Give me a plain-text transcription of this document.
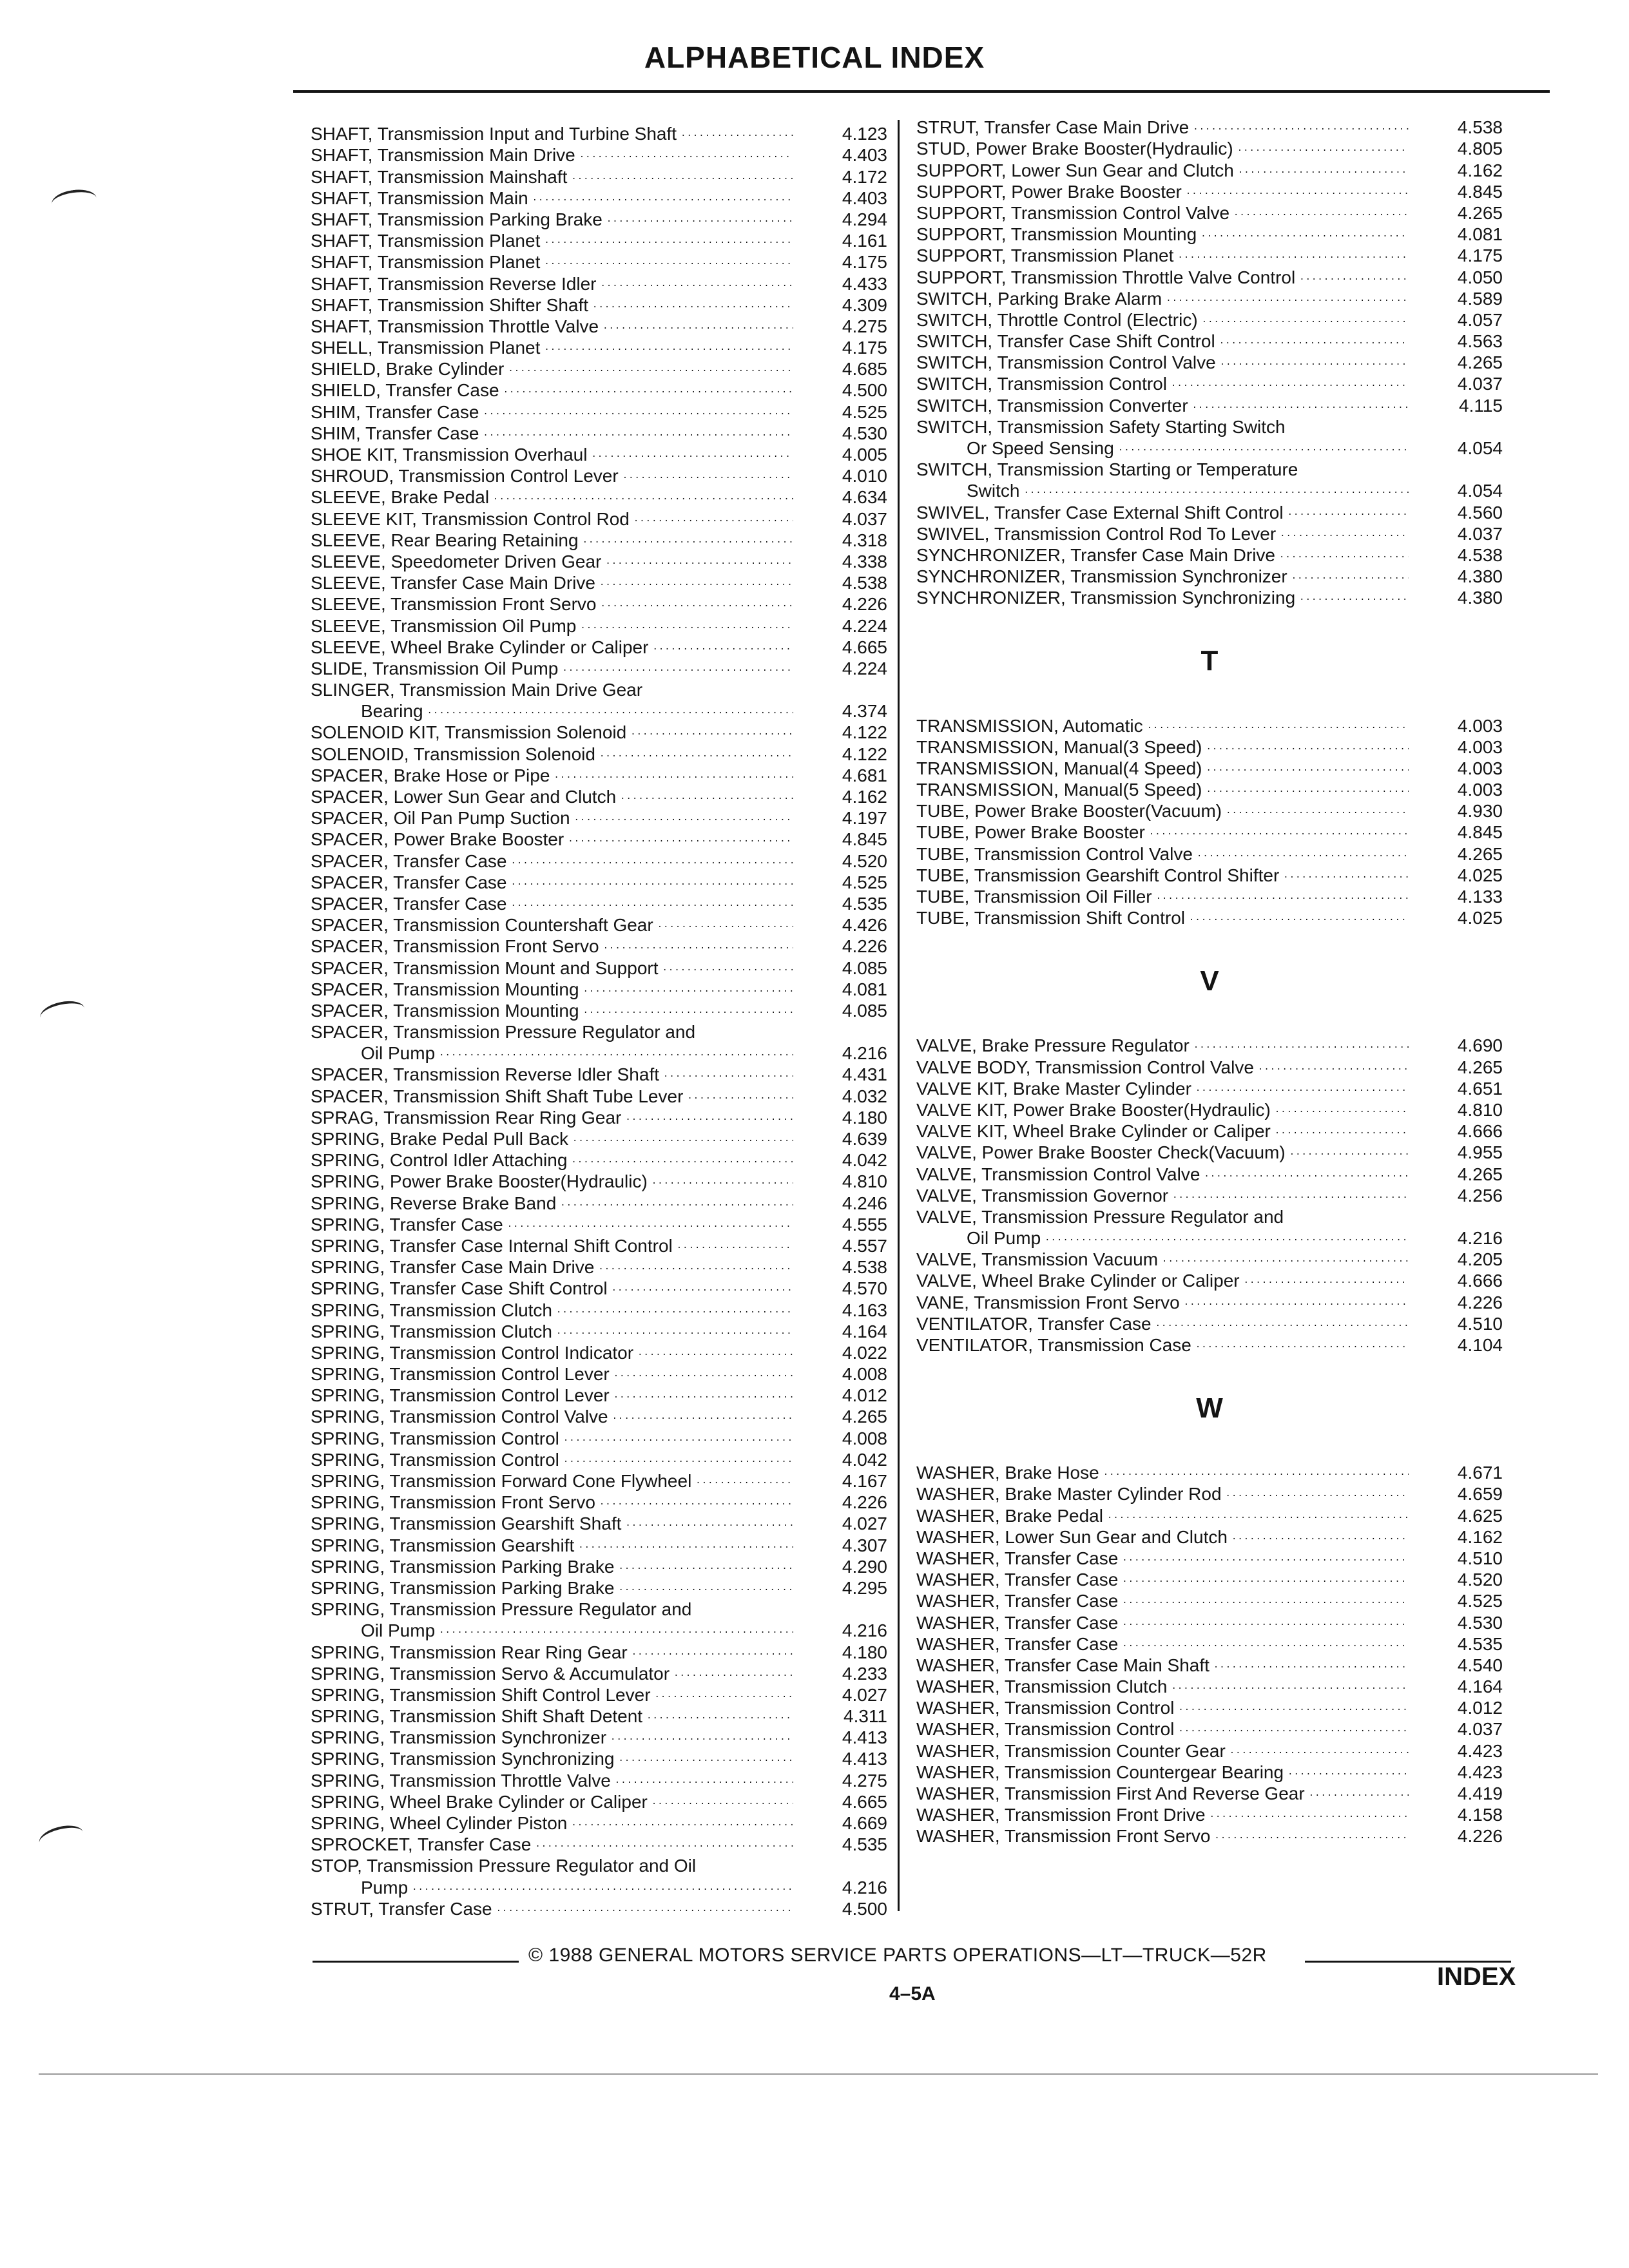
ALPHABETICAL INDEX
SHAFT, Transmission Input and Turbine Shaft .....	4.123
SHAFT, Transmission Main Drive .....	4.403
SHAFT, Transmission Mainshaft .....	4.172
SHAFT, Transmission Main .....	4.403
SHAFT, Transmission Parking Brake .....	4.294
SHAFT, Transmission Planet .....	4.161
SHAFT, Transmission Planet .....	4.175
SHAFT, Transmission Reverse Idler .....	4.433
SHAFT, Transmission Shifter Shaft .....	4.309
SHAFT, Transmission Throttle Valve .....	4.275
SHELL, Transmission Planet .....	4.175
SHIELD, Brake Cylinder .....	4.685
SHIELD, Transfer Case .....	4.500
SHIM, Transfer Case .....	4.525
SHIM, Transfer Case .....	4.530
SHOE KIT, Transmission Overhaul .....	4.005
SHROUD, Transmission Control Lever .....	4.010
SLEEVE, Brake Pedal .....	4.634
SLEEVE KIT, Transmission Control Rod .....	4.037
SLEEVE, Rear Bearing Retaining .....	4.318
SLEEVE, Speedometer Driven Gear .....	4.338
SLEEVE, Transfer Case Main Drive .....	4.538
SLEEVE, Transmission Front Servo .....	4.226
SLEEVE, Transmission Oil Pump .....	4.224
SLEEVE, Wheel Brake Cylinder or Caliper .....	4.665
SLIDE, Transmission Oil Pump .....	4.224
SLINGER, Transmission Main Drive Gear
Bearing .....	4.374
SOLENOID KIT, Transmission Solenoid .....	4.122
SOLENOID, Transmission Solenoid .....	4.122
SPACER, Brake Hose or Pipe .....	4.681
SPACER, Lower Sun Gear and Clutch .....	4.162
SPACER, Oil Pan Pump Suction .....	4.197
SPACER, Power Brake Booster .....	4.845
SPACER, Transfer Case .....	4.520
SPACER, Transfer Case .....	4.525
SPACER, Transfer Case .....	4.535
SPACER, Transmission Countershaft Gear .....	4.426
SPACER, Transmission Front Servo .....	4.226
SPACER, Transmission Mount and Support .....	4.085
SPACER, Transmission Mounting .....	4.081
SPACER, Transmission Mounting .....	4.085
SPACER, Transmission Pressure Regulator and
Oil Pump .....	4.216
SPACER, Transmission Reverse Idler Shaft .....	4.431
SPACER, Transmission Shift Shaft Tube Lever .....	4.032
SPRAG, Transmission Rear Ring Gear .....	4.180
SPRING, Brake Pedal Pull Back .....	4.639
SPRING, Control Idler Attaching .....	4.042
SPRING, Power Brake Booster(Hydraulic) .....	4.810
SPRING, Reverse Brake Band .....	4.246
SPRING, Transfer Case .....	4.555
SPRING, Transfer Case Internal Shift Control .....	4.557
SPRING, Transfer Case Main Drive .....	4.538
SPRING, Transfer Case Shift Control .....	4.570
SPRING, Transmission Clutch .....	4.163
SPRING, Transmission Clutch .....	4.164
SPRING, Transmission Control Indicator .....	4.022
SPRING, Transmission Control Lever .....	4.008
SPRING, Transmission Control Lever .....	4.012
SPRING, Transmission Control Valve .....	4.265
SPRING, Transmission Control .....	4.008
SPRING, Transmission Control .....	4.042
SPRING, Transmission Forward Cone Flywheel .....	4.167
SPRING, Transmission Front Servo .....	4.226
SPRING, Transmission Gearshift Shaft .....	4.027
SPRING, Transmission Gearshift .....	4.307
SPRING, Transmission Parking Brake .....	4.290
SPRING, Transmission Parking Brake .....	4.295
SPRING, Transmission Pressure Regulator and
Oil Pump .....	4.216
SPRING, Transmission Rear Ring Gear .....	4.180
SPRING, Transmission Servo & Accumulator .....	4.233
SPRING, Transmission Shift Control Lever .....	4.027
SPRING, Transmission Shift Shaft Detent .....	4.311
SPRING, Transmission Synchronizer .....	4.413
SPRING, Transmission Synchronizing .....	4.413
SPRING, Transmission Throttle Valve .....	4.275
SPRING, Wheel Brake Cylinder or Caliper .....	4.665
SPRING, Wheel Cylinder Piston .....	4.669
SPROCKET, Transfer Case .....	4.535
STOP, Transmission Pressure Regulator and Oil
Pump .....	4.216
STRUT, Transfer Case .....	4.500
STRUT, Transfer Case Main Drive .....	4.538
STUD, Power Brake Booster(Hydraulic) .....	4.805
SUPPORT, Lower Sun Gear and Clutch .....	4.162
SUPPORT, Power Brake Booster .....	4.845
SUPPORT, Transmission Control Valve .....	4.265
SUPPORT, Transmission Mounting .....	4.081
SUPPORT, Transmission Planet .....	4.175
SUPPORT, Transmission Throttle Valve Control .....	4.050
SWITCH, Parking Brake Alarm .....	4.589
SWITCH, Throttle Control (Electric) .....	4.057
SWITCH, Transfer Case Shift Control .....	4.563
SWITCH, Transmission Control Valve .....	4.265
SWITCH, Transmission Control .....	4.037
SWITCH, Transmission Converter .....	4.115
SWITCH, Transmission Safety Starting Switch
Or Speed Sensing .....	4.054
SWITCH, Transmission Starting or Temperature
Switch .....	4.054
SWIVEL, Transfer Case External Shift Control .....	4.560
SWIVEL, Transmission Control Rod To Lever .....	4.037
SYNCHRONIZER, Transfer Case Main Drive .....	4.538
SYNCHRONIZER, Transmission Synchronizer .....	4.380
SYNCHRONIZER, Transmission Synchronizing .....	4.380
T
TRANSMISSION, Automatic .....	4.003
TRANSMISSION, Manual(3 Speed) .....	4.003
TRANSMISSION, Manual(4 Speed) .....	4.003
TRANSMISSION, Manual(5 Speed) .....	4.003
TUBE, Power Brake Booster(Vacuum) .....	4.930
TUBE, Power Brake Booster .....	4.845
TUBE, Transmission Control Valve .....	4.265
TUBE, Transmission Gearshift Control Shifter .....	4.025
TUBE, Transmission Oil Filler .....	4.133
TUBE, Transmission Shift Control .....	4.025
V
VALVE, Brake Pressure Regulator .....	4.690
VALVE BODY, Transmission Control Valve .....	4.265
VALVE KIT, Brake Master Cylinder .....	4.651
VALVE KIT, Power Brake Booster(Hydraulic) .....	4.810
VALVE KIT, Wheel Brake Cylinder or Caliper .....	4.666
VALVE, Power Brake Booster Check(Vacuum) .....	4.955
VALVE, Transmission Control Valve .....	4.265
VALVE, Transmission Governor .....	4.256
VALVE, Transmission Pressure Regulator and
Oil Pump .....	4.216
VALVE, Transmission Vacuum .....	4.205
VALVE, Wheel Brake Cylinder or Caliper .....	4.666
VANE, Transmission Front Servo .....	4.226
VENTILATOR, Transfer Case .....	4.510
VENTILATOR, Transmission Case .....	4.104
W
WASHER, Brake Hose .....	4.671
WASHER, Brake Master Cylinder Rod .....	4.659
WASHER, Brake Pedal .....	4.625
WASHER, Lower Sun Gear and Clutch .....	4.162
WASHER, Transfer Case .....	4.510
WASHER, Transfer Case .....	4.520
WASHER, Transfer Case .....	4.525
WASHER, Transfer Case .....	4.530
WASHER, Transfer Case .....	4.535
WASHER, Transfer Case Main Shaft .....	4.540
WASHER, Transmission Clutch .....	4.164
WASHER, Transmission Control .....	4.012
WASHER, Transmission Control .....	4.037
WASHER, Transmission Counter Gear .....	4.423
WASHER, Transmission Countergear Bearing .....	4.423
WASHER, Transmission First And Reverse Gear .....	4.419
WASHER, Transmission Front Drive .....	4.158
WASHER, Transmission Front Servo .....	4.226
© 1988 GENERAL MOTORS SERVICE PARTS OPERATIONS—LT—TRUCK—52R
4–5A
INDEX
